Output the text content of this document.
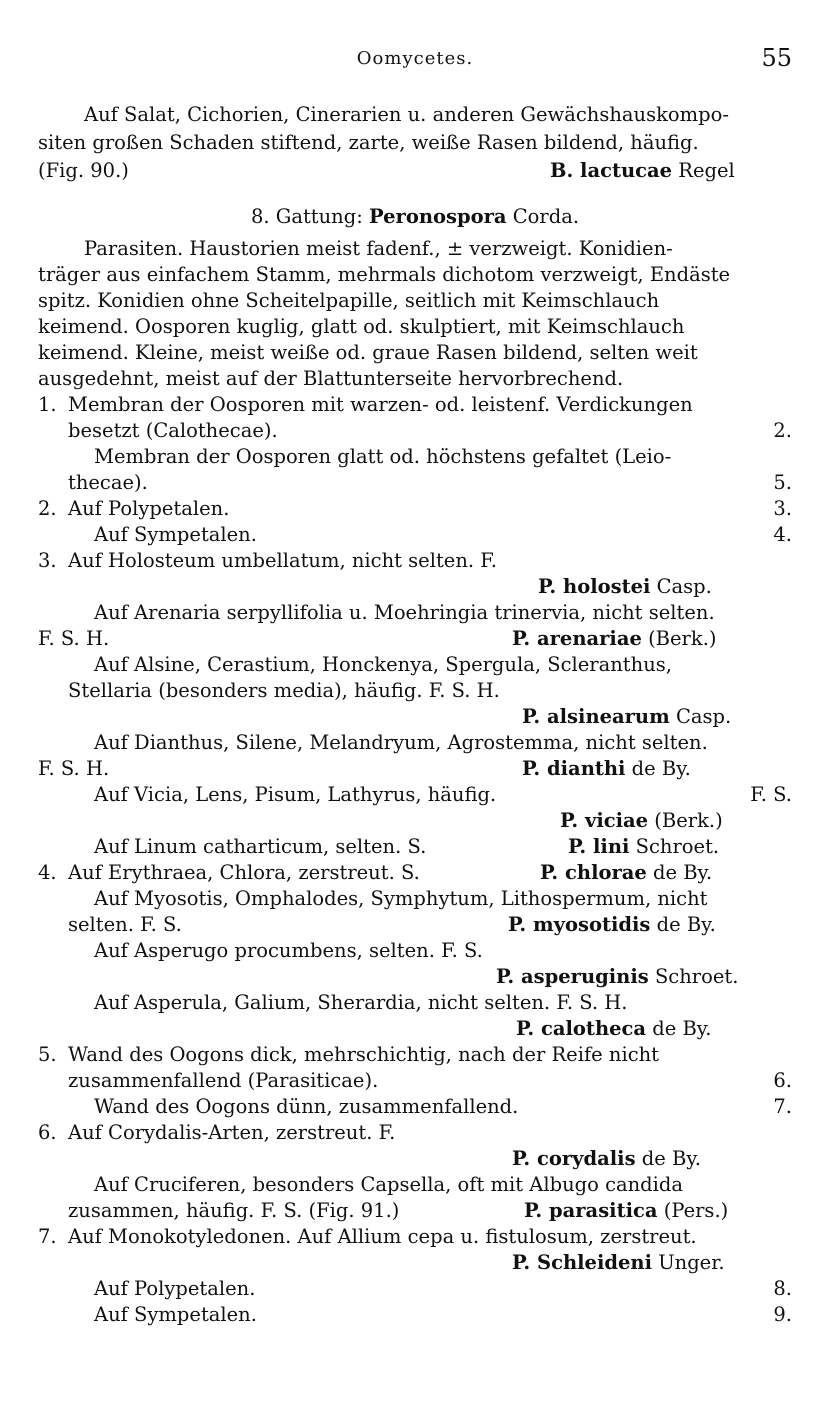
Oomycetes.	55
Auf Salat, Cichorien, Cinerarien u. anderen Gewächshauskompo-
siten großen Schaden stiftend, zarte, weiße Rasen bildend, häufig.
(Fig. 90.)	B. lactucae Regel
8. Gattung: Peronospora Corda.
Parasiten. Haustorien meist fadenf., ± verzweigt. Konidien-
träger aus einfachem Stamm, mehrmals dichotom verzweigt, Endäste
spitz. Konidien ohne Scheitelpapille, seitlich mit Keimschlauch
keimend. Oosporen kuglig, glatt od. skulptiert, mit Keimschlauch
keimend. Kleine, meist weiße od. graue Rasen bildend, selten weit
ausgedehnt, meist auf der Blattunterseite hervorbrechend.
1. Membran der Oosporen mit warzen- od. leistenf. Verdickungen
besetzt (Calothecae).	2.
Membran der Oosporen glatt od. höchstens gefaltet (Leio-
thecae).	5.
2. Auf Polypetalen.	3.
Auf Sympetalen.	4.
3. Auf Holosteum umbellatum, nicht selten. F.
P. holostei Casp.
Auf Arenaria serpyllifolia u. Moehringia trinervia, nicht selten.
F. S. H.	P. arenariae (Berk.)
Auf Alsine, Cerastium, Honckenya, Spergula, Scleranthus,
Stellaria (besonders media), häufig. F. S. H.
P. alsinearum Casp.
Auf Dianthus, Silene, Melandryum, Agrostemma, nicht selten.
F. S. H.	P. dianthi de By.
Auf Vicia, Lens, Pisum, Lathyrus, häufig.	F. S.
P. viciae (Berk.)
Auf Linum catharticum, selten. S.	P. lini Schroet.
4. Auf Erythraea, Chlora, zerstreut. S.	P. chlorae de By.
Auf Myosotis, Omphalodes, Symphytum, Lithospermum, nicht
selten. F. S.	P. myosotidis de By.
Auf Asperugo procumbens, selten. F. S.
P. asperuginis Schroet.
Auf Asperula, Galium, Sherardia, nicht selten. F. S. H.
P. calotheca de By.
5. Wand des Oogons dick, mehrschichtig, nach der Reife nicht
zusammenfallend (Parasiticae).	6.
Wand des Oogons dünn, zusammenfallend.	7.
6. Auf Corydalis-Arten, zerstreut. F.
P. corydalis de By.
Auf Cruciferen, besonders Capsella, oft mit Albugo candida
zusammen, häufig. F. S. (Fig. 91.)	P. parasitica (Pers.)
7. Auf Monokotyledonen. Auf Allium cepa u. fistulosum, zerstreut.
P. Schleideni Unger.
Auf Polypetalen.	8.
Auf Sympetalen.	9.
